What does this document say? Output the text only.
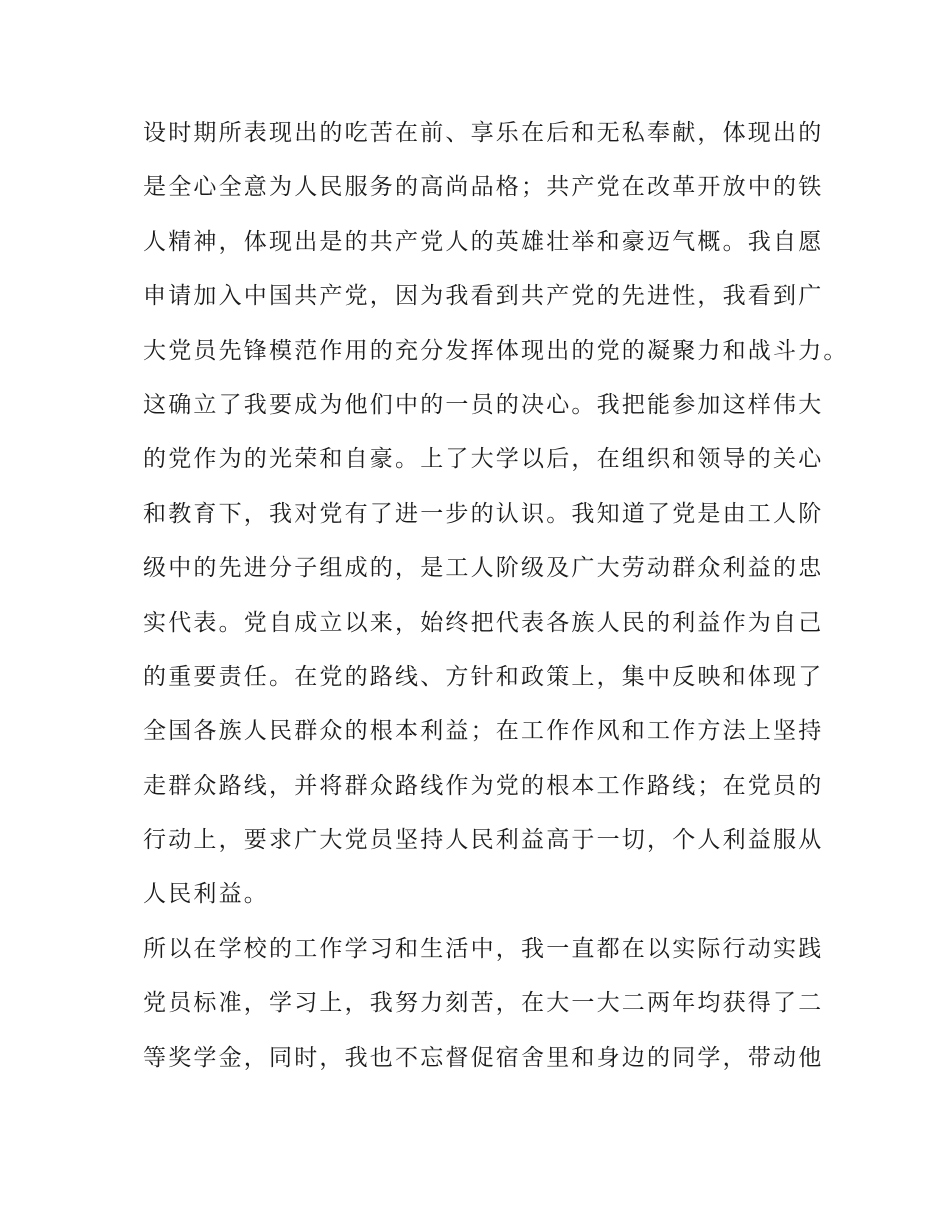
设时期所表现出的吃苦在前、享乐在后和无私奉献，体现出的
是全心全意为人民服务的高尚品格；共产党在改革开放中的铁
人精神，体现出是的共产党人的英雄壮举和豪迈气概。我自愿
申请加入中国共产党，因为我看到共产党的先进性，我看到广
大党员先锋模范作用的充分发挥体现出的党的凝聚力和战斗力。
这确立了我要成为他们中的一员的决心。我把能参加这样伟大
的党作为的光荣和自豪。上了大学以后，在组织和领导的关心
和教育下，我对党有了进一步的认识。我知道了党是由工人阶
级中的先进分子组成的，是工人阶级及广大劳动群众利益的忠
实代表。党自成立以来，始终把代表各族人民的利益作为自己
的重要责任。在党的路线、方针和政策上，集中反映和体现了
全国各族人民群众的根本利益；在工作作风和工作方法上坚持
走群众路线，并将群众路线作为党的根本工作路线；在党员的
行动上，要求广大党员坚持人民利益高于一切，个人利益服从
人民利益。
所以在学校的工作学习和生活中，我一直都在以实际行动实践
党员标准，学习上，我努力刻苦，在大一大二两年均获得了二
等奖学金，同时，我也不忘督促宿舍里和身边的同学，带动他
